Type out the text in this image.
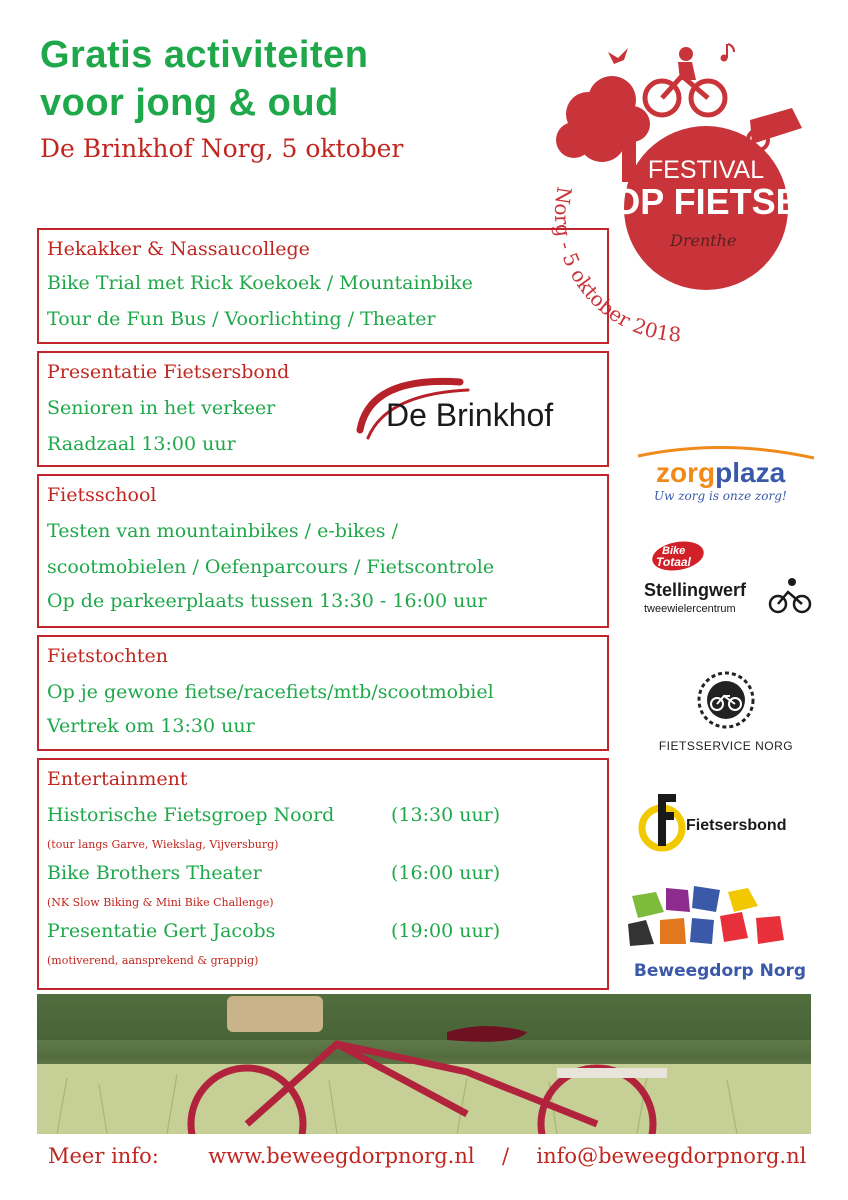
Gratis activiteiten
voor jong & oud
De Brinkhof Norg, 5 oktober
FESTIVAL
OP FIETSE
Drenthe
Norg - 5 oktober 2018
Hekakker & Nassaucollege
Bike Trial met Rick Koekoek / Mountainbike
Tour de Fun Bus / Voorlichting / Theater
Presentatie Fietsersbond
Senioren in het verkeer
Raadzaal 13:00 uur
De Brinkhof
Fietsschool
Testen van mountainbikes / e-bikes /
scootmobielen / Oefenparcours / Fietscontrole
Op de parkeerplaats tussen 13:30 - 16:00 uur
Fietstochten
Op je gewone fietse/racefiets/mtb/scootmobiel
Vertrek om 13:30 uur
Entertainment
Historische Fietsgroep Noord	(13:30 uur)
(tour langs Garve, Wiekslag, Vijversburg)
Bike Brothers Theater	(16:00 uur)
(NK Slow Biking & Mini Bike Challenge)
Presentatie Gert Jacobs	(19:00 uur)
(motiverend, aansprekend & grappig)
zorgplaza
Uw zorg is onze zorg!
Bike
Totaal
Stellingwerf
tweewielercentrum
FIETSSERVICE NORG
Fietsersbond
Beweegdorp Norg
Meer info: www.beweegdorpnorg.nl / info@beweegdorpnorg.nl
